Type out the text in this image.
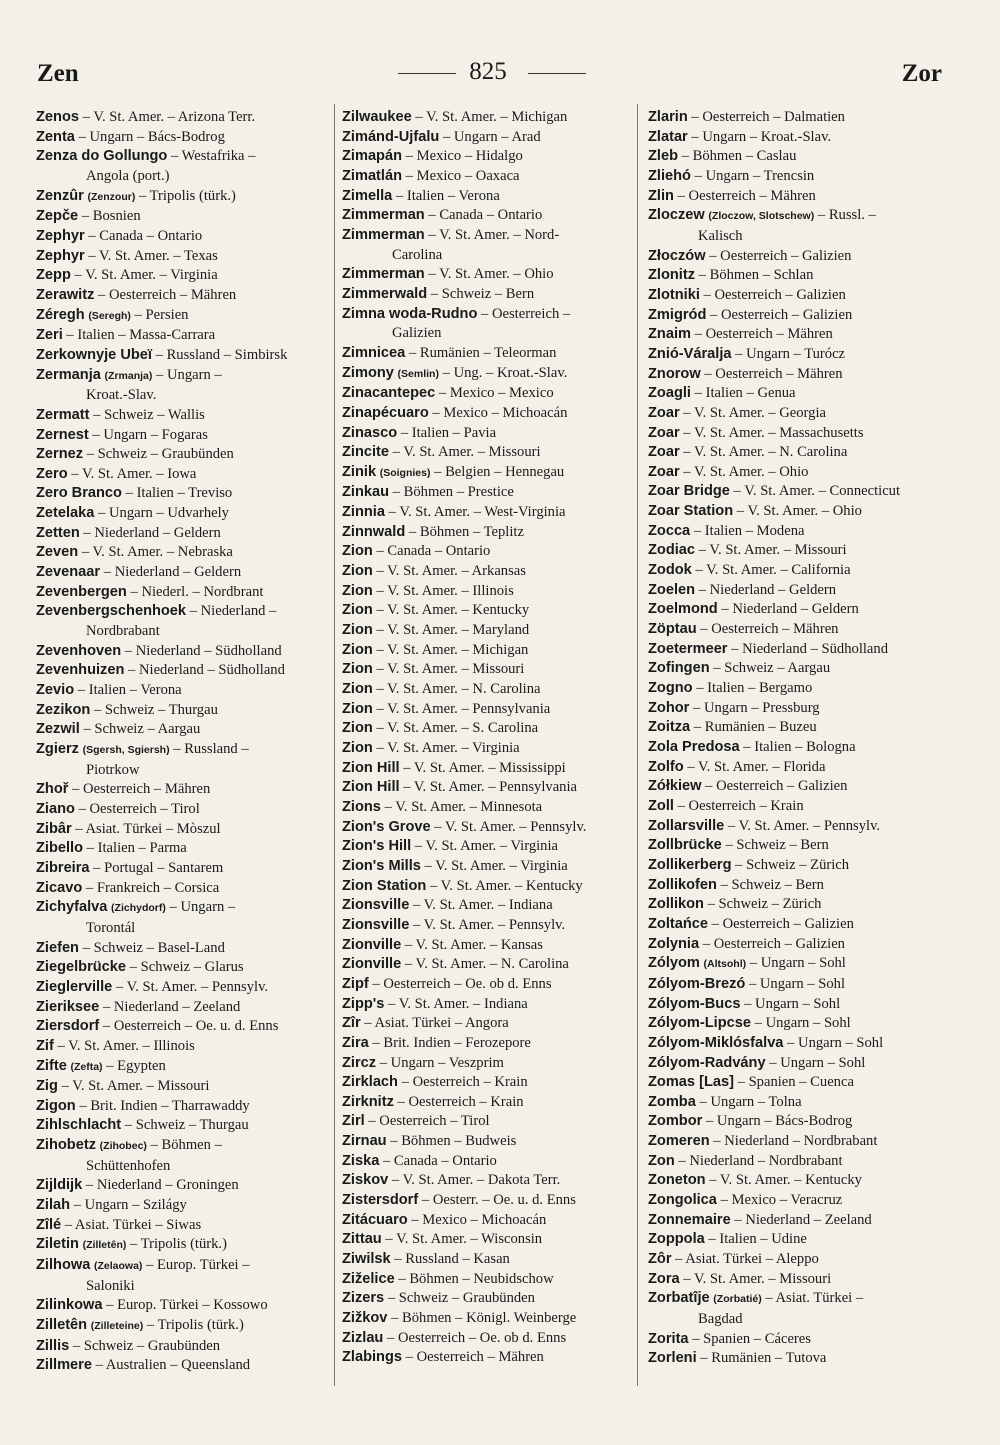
Zen	825	Zor
Zenos – V. St. Amer. – Arizona Terr.
Zenta – Ungarn – Bács-Bodrog
Zenza do Gollungo – Westafrika –
Angola (port.)
Zenzûr (Zenzour) – Tripolis (türk.)
Zepče – Bosnien
Zephyr – Canada – Ontario
Zephyr – V. St. Amer. – Texas
Zepp – V. St. Amer. – Virginia
Zerawitz – Oesterreich – Mähren
Zéregh (Seregh) – Persien
Zeri – Italien – Massa-Carrara
Zerkownyje Ubeï – Russland – Simbirsk
Zermanja (Zrmanja) – Ungarn –
Kroat.-Slav.
Zermatt – Schweiz – Wallis
Zernest – Ungarn – Fogaras
Zernez – Schweiz – Graubünden
Zero – V. St. Amer. – Iowa
Zero Branco – Italien – Treviso
Zetelaka – Ungarn – Udvarhely
Zetten – Niederland – Geldern
Zeven – V. St. Amer. – Nebraska
Zevenaar – Niederland – Geldern
Zevenbergen – Niederl. – Nordbrant
Zevenbergschenhoek – Niederland –
Nordbrabant
Zevenhoven – Niederland – Südholland
Zevenhuizen – Niederland – Südholland
Zevio – Italien – Verona
Zezikon – Schweiz – Thurgau
Zezwil – Schweiz – Aargau
Zgierz (Sgersh, Sgiersh) – Russland –
Piotrkow
Zhoř – Oesterreich – Mähren
Ziano – Oesterreich – Tirol
Zibâr – Asiat. Türkei – Mòszul
Zibello – Italien – Parma
Zibreira – Portugal – Santarem
Zicavo – Frankreich – Corsica
Zichyfalva (Zichydorf) – Ungarn –
Torontál
Ziefen – Schweiz – Basel-Land
Ziegelbrücke – Schweiz – Glarus
Zieglerville – V. St. Amer. – Pennsylv.
Zieriksee – Niederland – Zeeland
Ziersdorf – Oesterreich – Oe. u. d. Enns
Zif – V. St. Amer. – Illinois
Zifte (Zefta) – Egypten
Zig – V. St. Amer. – Missouri
Zigon – Brit. Indien – Tharrawaddy
Zihlschlacht – Schweiz – Thurgau
Zihobetz (Zihobec) – Böhmen –
Schüttenhofen
Zijldijk – Niederland – Groningen
Zilah – Ungarn – Szilágy
Zîlé – Asiat. Türkei – Siwas
Ziletin (Zilletên) – Tripolis (türk.)
Zilhowa (Zelaowa) – Europ. Türkei –
Saloniki
Zilinkowa – Europ. Türkei – Kossowo
Zilletên (Zilleteine) – Tripolis (türk.)
Zillis – Schweiz – Graubünden
Zillmere – Australien – Queensland
Zilwaukee – V. St. Amer. – Michigan
Zimánd-Ujfalu – Ungarn – Arad
Zimapán – Mexico – Hidalgo
Zimatlán – Mexico – Oaxaca
Zimella – Italien – Verona
Zimmerman – Canada – Ontario
Zimmerman – V. St. Amer. – Nord-
Carolina
Zimmerman – V. St. Amer. – Ohio
Zimmerwald – Schweiz – Bern
Zimna woda-Rudno – Oesterreich –
Galizien
Zimnicea – Rumänien – Teleorman
Zimony (Semlin) – Ung. – Kroat.-Slav.
Zinacantepec – Mexico – Mexico
Zinapécuaro – Mexico – Michoacán
Zinasco – Italien – Pavia
Zincite – V. St. Amer. – Missouri
Zinik (Soignies) – Belgien – Hennegau
Zinkau – Böhmen – Prestice
Zinnia – V. St. Amer. – West-Virginia
Zinnwald – Böhmen – Teplitz
Zion – Canada – Ontario
Zion – V. St. Amer. – Arkansas
Zion – V. St. Amer. – Illinois
Zion – V. St. Amer. – Kentucky
Zion – V. St. Amer. – Maryland
Zion – V. St. Amer. – Michigan
Zion – V. St. Amer. – Missouri
Zion – V. St. Amer. – N. Carolina
Zion – V. St. Amer. – Pennsylvania
Zion – V. St. Amer. – S. Carolina
Zion – V. St. Amer. – Virginia
Zion Hill – V. St. Amer. – Mississippi
Zion Hill – V. St. Amer. – Pennsylvania
Zions – V. St. Amer. – Minnesota
Zion's Grove – V. St. Amer. – Pennsylv.
Zion's Hill – V. St. Amer. – Virginia
Zion's Mills – V. St. Amer. – Virginia
Zion Station – V. St. Amer. – Kentucky
Zionsville – V. St. Amer. – Indiana
Zionsville – V. St. Amer. – Pennsylv.
Zionville – V. St. Amer. – Kansas
Zionville – V. St. Amer. – N. Carolina
Zipf – Oesterreich – Oe. ob d. Enns
Zipp's – V. St. Amer. – Indiana
Zîr – Asiat. Türkei – Angora
Zira – Brit. Indien – Ferozepore
Zircz – Ungarn – Veszprim
Zirklach – Oesterreich – Krain
Zirknitz – Oesterreich – Krain
Zirl – Oesterreich – Tirol
Zirnau – Böhmen – Budweis
Ziska – Canada – Ontario
Ziskov – V. St. Amer. – Dakota Terr.
Zistersdorf – Oesterr. – Oe. u. d. Enns
Zitácuaro – Mexico – Michoacán
Zittau – V. St. Amer. – Wisconsin
Ziwilsk – Russland – Kasan
Ziželice – Böhmen – Neubidschow
Zizers – Schweiz – Graubünden
Zižkov – Böhmen – Königl. Weinberge
Zizlau – Oesterreich – Oe. ob d. Enns
Zlabings – Oesterreich – Mähren
Zlarin – Oesterreich – Dalmatien
Zlatar – Ungarn – Kroat.-Slav.
Zleb – Böhmen – Caslau
Zliehó – Ungarn – Trencsin
Zlin – Oesterreich – Mähren
Zloczew (Zloczow, Slotschew) – Russl. –
Kalisch
Złoczów – Oesterreich – Galizien
Zlonitz – Böhmen – Schlan
Zlotniki – Oesterreich – Galizien
Zmigród – Oesterreich – Galizien
Znaim – Oesterreich – Mähren
Znió-Váralja – Ungarn – Turócz
Znorow – Oesterreich – Mähren
Zoagli – Italien – Genua
Zoar – V. St. Amer. – Georgia
Zoar – V. St. Amer. – Massachusetts
Zoar – V. St. Amer. – N. Carolina
Zoar – V. St. Amer. – Ohio
Zoar Bridge – V. St. Amer. – Connecticut
Zoar Station – V. St. Amer. – Ohio
Zocca – Italien – Modena
Zodiac – V. St. Amer. – Missouri
Zodok – V. St. Amer. – California
Zoelen – Niederland – Geldern
Zoelmond – Niederland – Geldern
Zöptau – Oesterreich – Mähren
Zoetermeer – Niederland – Südholland
Zofingen – Schweiz – Aargau
Zogno – Italien – Bergamo
Zohor – Ungarn – Pressburg
Zoitza – Rumänien – Buzeu
Zola Predosa – Italien – Bologna
Zolfo – V. St. Amer. – Florida
Zółkiew – Oesterreich – Galizien
Zoll – Oesterreich – Krain
Zollarsville – V. St. Amer. – Pennsylv.
Zollbrücke – Schweiz – Bern
Zollikerberg – Schweiz – Zürich
Zollikofen – Schweiz – Bern
Zollikon – Schweiz – Zürich
Zoltańce – Oesterreich – Galizien
Zolynia – Oesterreich – Galizien
Zólyom (Altsohl) – Ungarn – Sohl
Zólyom-Brezó – Ungarn – Sohl
Zólyom-Bucs – Ungarn – Sohl
Zólyom-Lipcse – Ungarn – Sohl
Zólyom-Miklósfalva – Ungarn – Sohl
Zólyom-Radvány – Ungarn – Sohl
Zomas [Las] – Spanien – Cuenca
Zomba – Ungarn – Tolna
Zombor – Ungarn – Bács-Bodrog
Zomeren – Niederland – Nordbrabant
Zon – Niederland – Nordbrabant
Zoneton – V. St. Amer. – Kentucky
Zongolica – Mexico – Veracruz
Zonnemaire – Niederland – Zeeland
Zoppola – Italien – Udine
Zôr – Asiat. Türkei – Aleppo
Zora – V. St. Amer. – Missouri
Zorbatîje (Zorbatié) – Asiat. Türkei –
Bagdad
Zorita – Spanien – Cáceres
Zorleni – Rumänien – Tutova
